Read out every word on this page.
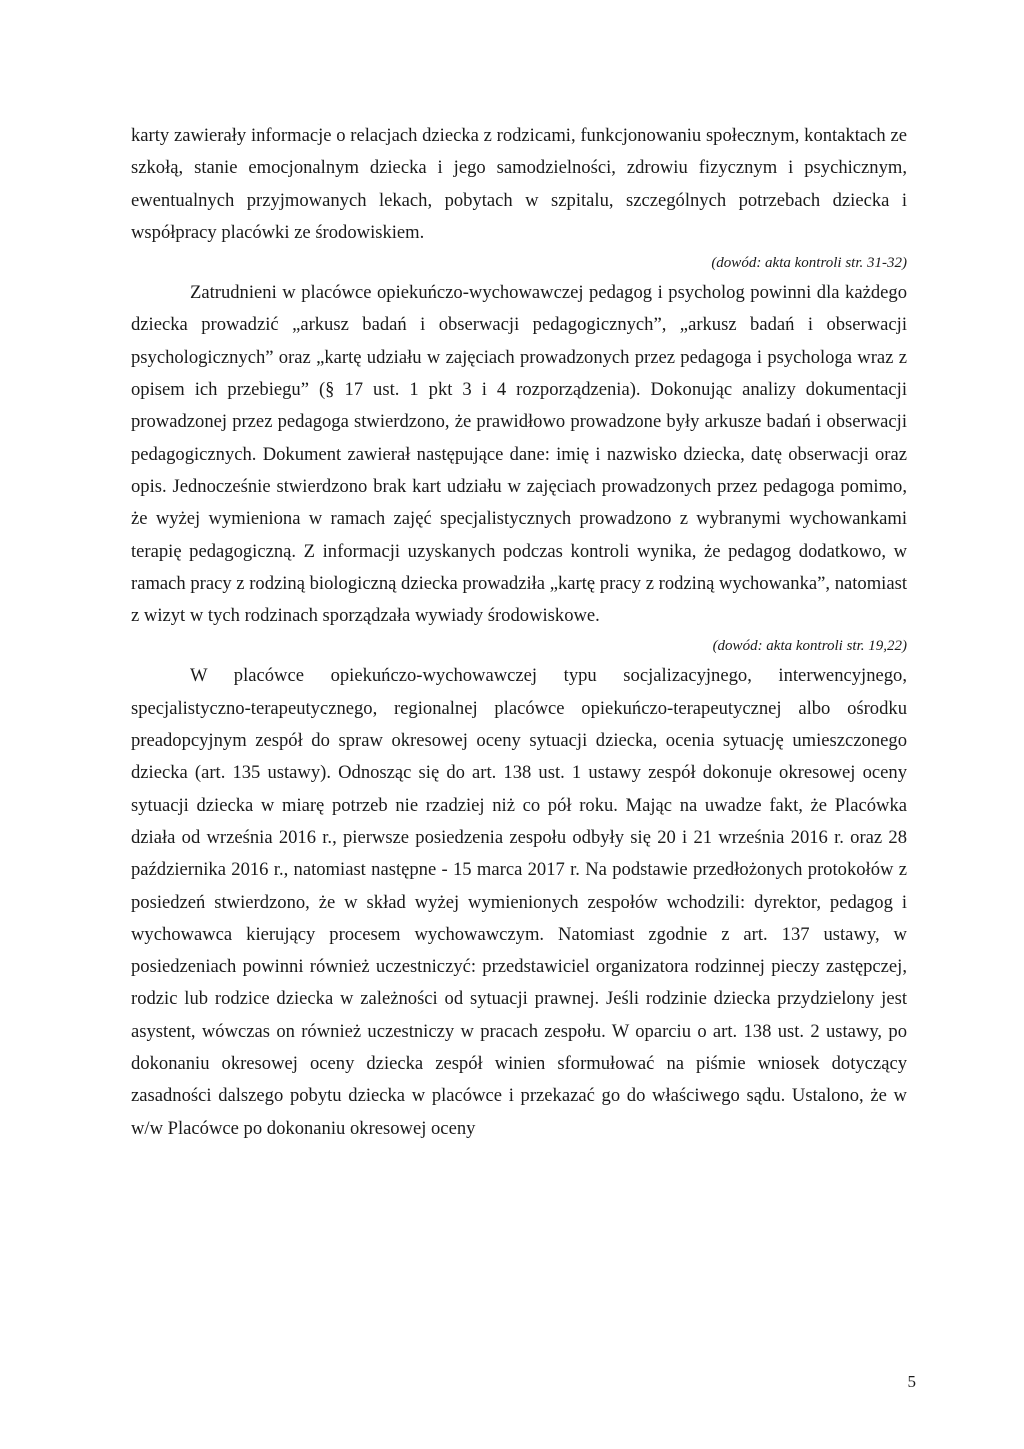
karty zawierały informacje o relacjach dziecka z rodzicami, funkcjonowaniu społecznym, kontaktach ze szkołą, stanie emocjonalnym dziecka i jego samodzielności, zdrowiu fizycznym i psychicznym, ewentualnych przyjmowanych lekach, pobytach w szpitalu, szczególnych potrzebach dziecka i współpracy placówki ze środowiskiem.

(dowód: akta kontroli str. 31-32)

Zatrudnieni w placówce opiekuńczo-wychowawczej pedagog i psycholog powinni dla każdego dziecka prowadzić „arkusz badań i obserwacji pedagogicznych”, „arkusz badań i obserwacji psychologicznych” oraz „kartę udziału w zajęciach prowadzonych przez pedagoga i psychologa wraz z opisem ich przebiegu” (§ 17 ust. 1 pkt 3 i 4 rozporządzenia). Dokonując analizy dokumentacji prowadzonej przez pedagoga stwierdzono, że prawidłowo prowadzone były arkusze badań i obserwacji pedagogicznych. Dokument zawierał następujące dane: imię i nazwisko dziecka, datę obserwacji oraz opis. Jednocześnie stwierdzono brak kart udziału w zajęciach prowadzonych przez pedagoga pomimo, że wyżej wymieniona w ramach zajęć specjalistycznych prowadzono z wybranymi wychowankami terapię pedagogiczną. Z informacji uzyskanych podczas kontroli wynika, że pedagog dodatkowo, w ramach pracy z rodziną biologiczną dziecka prowadziła „kartę pracy z rodziną wychowanka”, natomiast z wizyt w tych rodzinach sporządzała wywiady środowiskowe.

(dowód: akta kontroli str. 19,22)

W placówce opiekuńczo-wychowawczej typu socjalizacyjnego, interwencyjnego, specjalistyczno-terapeutycznego, regionalnej placówce opiekuńczo-terapeutycznej albo ośrodku preadopcyjnym zespół do spraw okresowej oceny sytuacji dziecka, ocenia sytuację umieszczonego dziecka (art. 135 ustawy). Odnosząc się do art. 138 ust. 1 ustawy zespół dokonuje okresowej oceny sytuacji dziecka w miarę potrzeb nie rzadziej niż co pół roku. Mając na uwadze fakt, że Placówka działa od września 2016 r., pierwsze posiedzenia zespołu odbyły się 20 i 21 września 2016 r. oraz 28 października 2016 r., natomiast następne - 15 marca 2017 r. Na podstawie przedłożonych protokołów z posiedzeń stwierdzono, że w skład wyżej wymienionych zespołów wchodzili: dyrektor, pedagog i wychowawca kierujący procesem wychowawczym. Natomiast zgodnie z art. 137 ustawy, w posiedzeniach powinni również uczestniczyć: przedstawiciel organizatora rodzinnej pieczy zastępczej, rodzic lub rodzice dziecka w zależności od sytuacji prawnej. Jeśli rodzinie dziecka przydzielony jest asystent, wówczas on również uczestniczy w pracach zespołu. W oparciu o art. 138 ust. 2 ustawy, po dokonaniu okresowej oceny dziecka zespół winien sformułować na piśmie wniosek dotyczący zasadności dalszego pobytu dziecka w placówce i przekazać go do właściwego sądu. Ustalono, że w w/w Placówce po dokonaniu okresowej oceny

5
